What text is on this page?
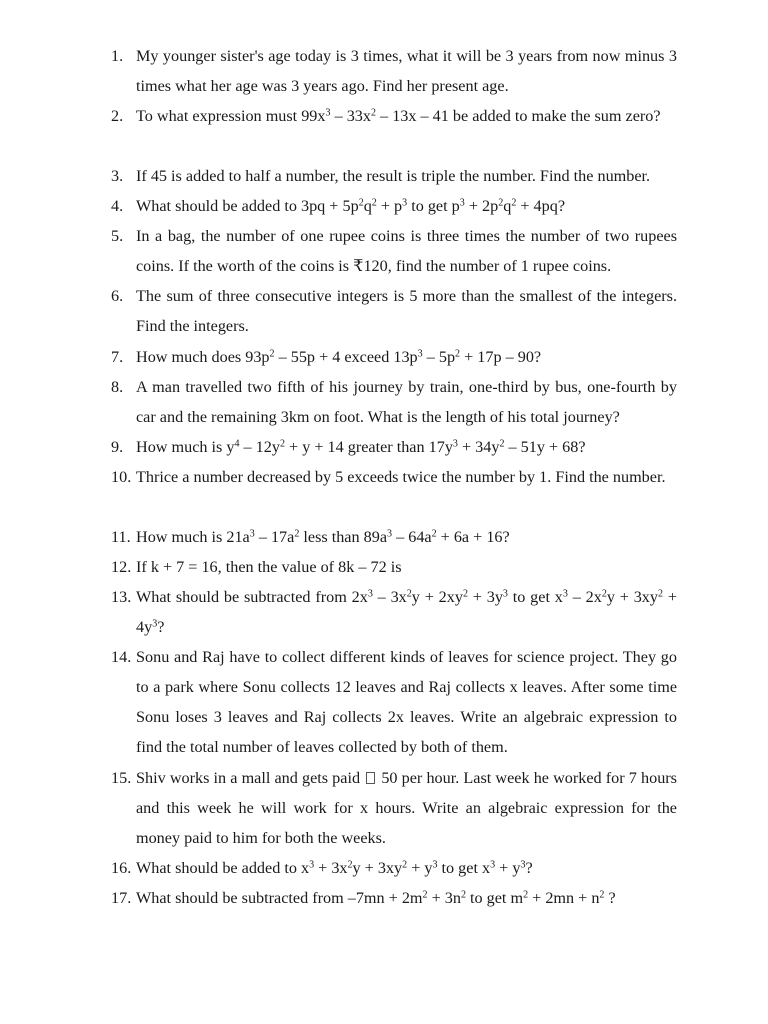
1. My younger sister's age today is 3 times, what it will be 3 years from now minus 3 times what her age was 3 years ago. Find her present age.
2. To what expression must $99x^3 - 33x^2 - 13x - 41$ be added to make the sum zero?
3. If 45 is added to half a number, the result is triple the number. Find the number.
4. What should be added to $3pq + 5p^2q^2 + p^3$ to get $p^3 + 2p^2q^2 + 4pq$?
5. In a bag, the number of one rupee coins is three times the number of two rupees coins. If the worth of the coins is ₹120, find the number of 1 rupee coins.
6. The sum of three consecutive integers is 5 more than the smallest of the integers. Find the integers.
7. How much does $93p^2 - 55p + 4$ exceed $13p^3 - 5p^2 + 17p - 90$?
8. A man travelled two fifth of his journey by train, one-third by bus, one-fourth by car and the remaining 3km on foot. What is the length of his total journey?
9. How much is $y^4 - 12y^2 + y + 14$ greater than $17y^3 + 34y^2 - 51y + 68$?
10. Thrice a number decreased by 5 exceeds twice the number by 1. Find the number.
11. How much is $21a^3 - 17a^2$ less than $89a^3 - 64a^2 + 6a + 16$?
12. If k + 7 = 16, then the value of 8k – 72 is
13. What should be subtracted from $2x^3 - 3x^2y + 2xy^2 + 3y^3$ to get $x^3 - 2x^2y + 3xy^2 + 4y^3$?
14. Sonu and Raj have to collect different kinds of leaves for science project. They go to a park where Sonu collects 12 leaves and Raj collects x leaves. After some time Sonu loses 3 leaves and Raj collects 2x leaves. Write an algebraic expression to find the total number of leaves collected by both of them.
15. Shiv works in a mall and gets paid  50 per hour. Last week he worked for 7 hours and this week he will work for x hours. Write an algebraic expression for the money paid to him for both the weeks.
16. What should be added to $x^3 + 3x^2y + 3xy^2 + y^3$ to get $x^3 + y^3$?
17. What should be subtracted from $-7mn + 2m^2 + 3n^2$ to get $m^2 + 2mn + n^2$ ?
